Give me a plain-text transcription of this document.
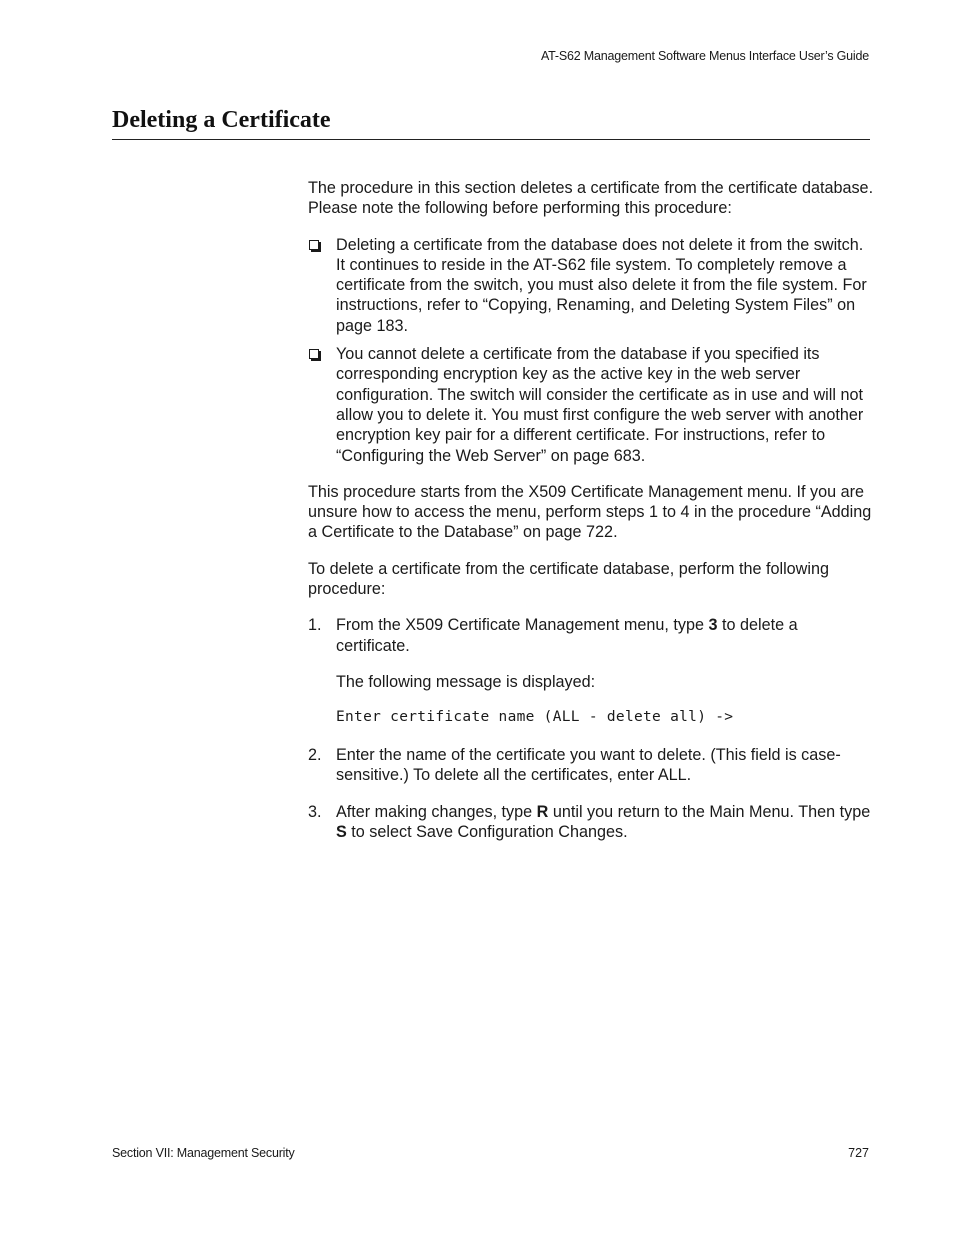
AT-S62 Management Software Menus Interface User’s Guide
Deleting a Certificate

The procedure in this section deletes a certificate from the certificate database. Please note the following before performing this procedure:

Deleting a certificate from the database does not delete it from the switch. It continues to reside in the AT-S62 file system. To completely remove a certificate from the switch, you must also delete it from the file system. For instructions, refer to “Copying, Renaming, and Deleting System Files” on page 183.
You cannot delete a certificate from the database if you specified its corresponding encryption key as the active key in the web server configuration. The switch will consider the certificate as in use and will not allow you to delete it. You must first configure the web server with another encryption key pair for a different certificate. For instructions, refer to “Configuring the Web Server” on page 683.

This procedure starts from the X509 Certificate Management menu. If you are unsure how to access the menu, perform steps 1 to 4 in the procedure “Adding a Certificate to the Database” on page 722.

To delete a certificate from the certificate database, perform the following procedure:

1. From the X509 Certificate Management menu, type 3 to delete a certificate.

The following message is displayed:

Enter certificate name (ALL - delete all) ->

2. Enter the name of the certificate you want to delete. (This field is case-sensitive.) To delete all the certificates, enter ALL.

3. After making changes, type R until you return to the Main Menu. Then type S to select Save Configuration Changes.

Section VII: Management Security	727
